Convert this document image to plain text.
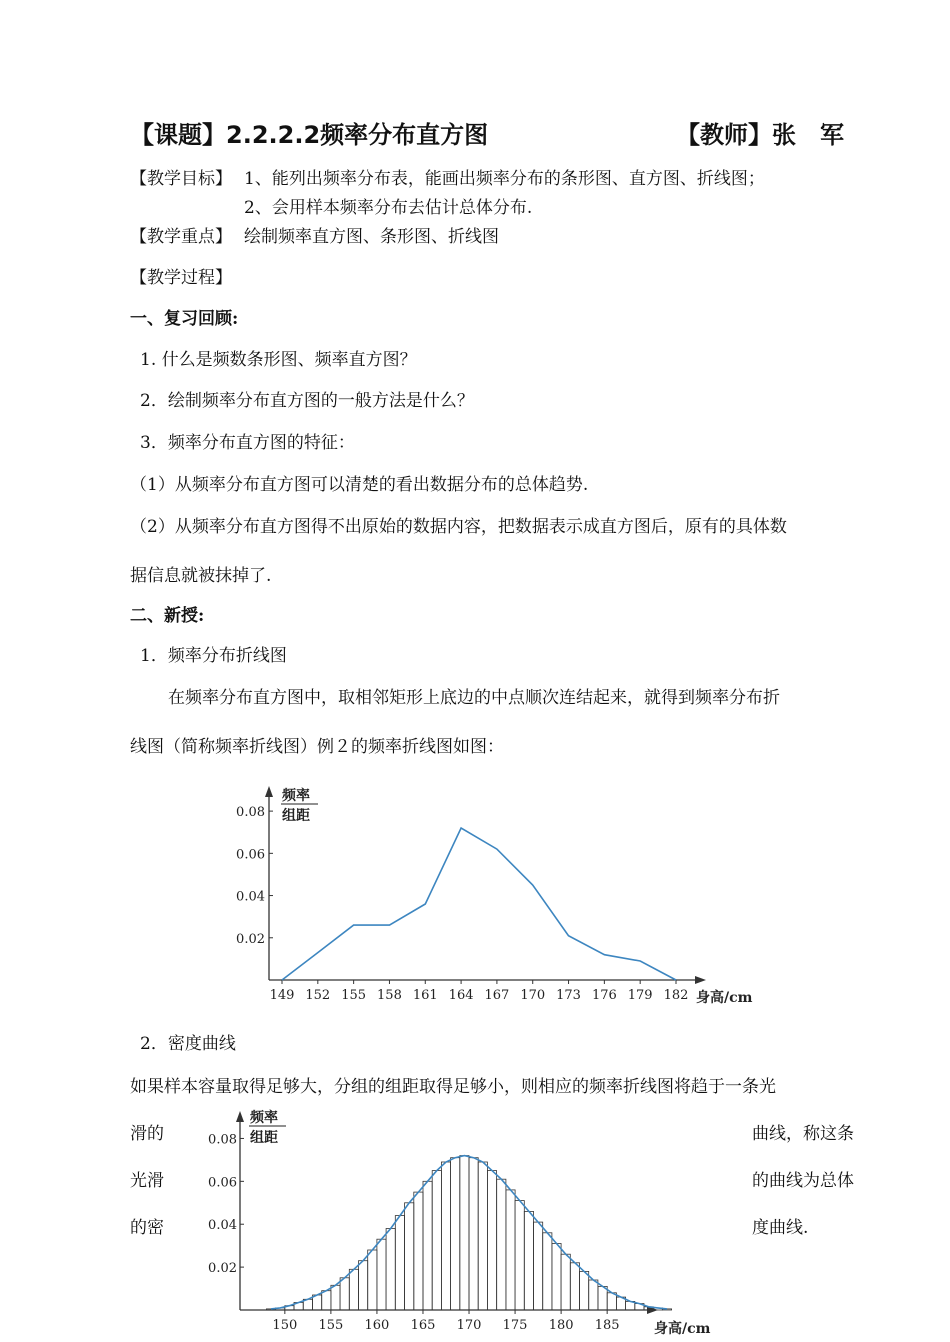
【课题】2.2.2.2频率分布直方图	【教师】张　军
【教学目标】 1、能列出频率分布表，能画出频率分布的条形图、直方图、折线图；
2、会用样本频率分布去估计总体分布.
【教学重点】 绘制频率直方图、条形图、折线图
【教学过程】
一、复习回顾:
1. 什么是频数条形图、频率直方图？
2．绘制频率分布直方图的一般方法是什么？
3．频率分布直方图的特征：
（1）从频率分布直方图可以清楚的看出数据分布的总体趋势.
（2）从频率分布直方图得不出原始的数据内容，把数据表示成直方图后，原有的具体数
据信息就被抹掉了.
二、新授:
1．频率分布折线图
在频率分布直方图中，取相邻矩形上底边的中点顺次连结起来，就得到频率分布折
线图（简称频率折线图）例２的频率折线图如图：
频率
组距
0.02
0.04
0.06
0.08
149 152 155 158 161 164 167 170 173 176 179 182 身高/cm
2．密度曲线
如果样本容量取得足够大，分组的组距取得足够小，则相应的频率折线图将趋于一条光
滑的	曲线，称这条
光滑	的曲线为总体
的密	度曲线.
频率
组距
0.02
0.04
0.06
0.08
150 155 160 165 170 175 180 185 身高/cm
